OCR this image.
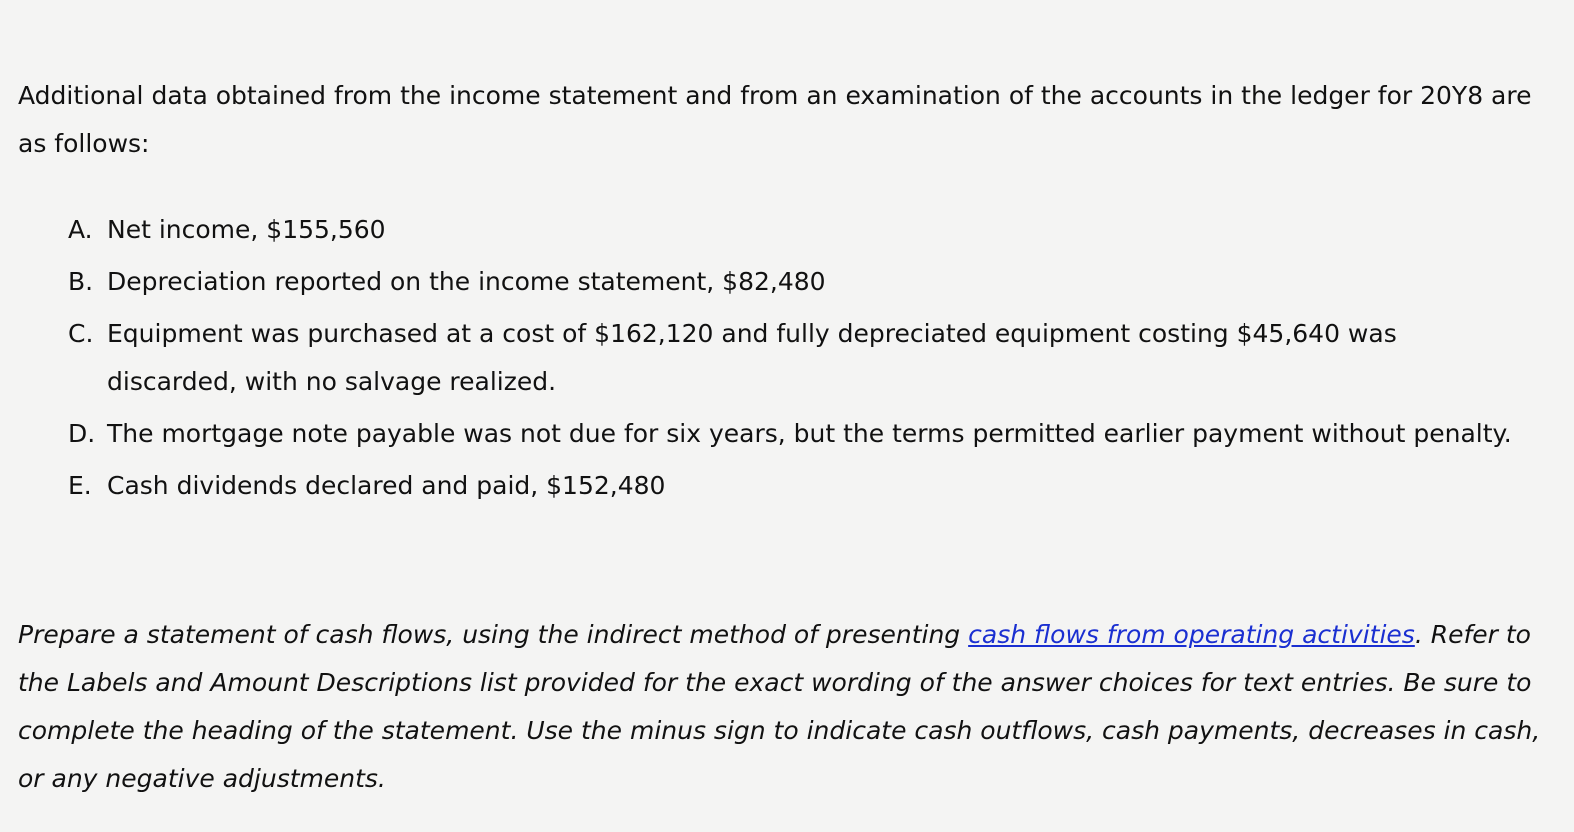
Additional data obtained from the income statement and from an examination of the accounts in the ledger for 20Y8 are as follows:

A. Net income, $155,560
B. Depreciation reported on the income statement, $82,480
C. Equipment was purchased at a cost of $162,120 and fully depreciated equipment costing $45,640 was discarded, with no salvage realized.
D. The mortgage note payable was not due for six years, but the terms permitted earlier payment without penalty.
E. Cash dividends declared and paid, $152,480

Prepare a statement of cash flows, using the indirect method of presenting cash flows from operating activities. Refer to the Labels and Amount Descriptions list provided for the exact wording of the answer choices for text entries. Be sure to complete the heading of the statement. Use the minus sign to indicate cash outflows, cash payments, decreases in cash, or any negative adjustments.
